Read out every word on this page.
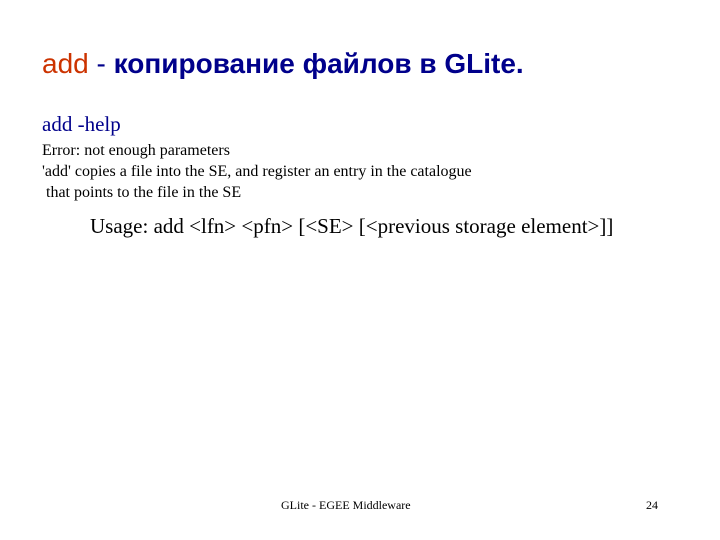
add - копирование файлов в GLite.
add -help
Error: not enough parameters
'add' copies a file into the SE, and register an entry in the catalogue
that points to the file in the SE
Usage: add <lfn> <pfn> [<SE> [<previous storage element>]]
GLite - EGEE Middleware	24
